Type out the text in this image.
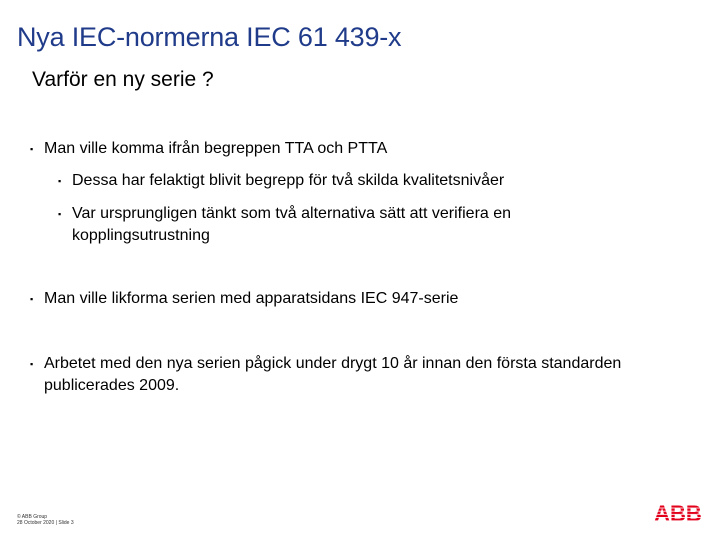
Nya IEC-normerna IEC 61 439-x
Varför en ny serie ?
▪ Man ville komma ifrån begreppen TTA och PTTA
▪ Dessa har felaktigt blivit begrepp för två skilda kvalitetsnivåer
▪ Var ursprungligen tänkt som två alternativa sätt att verifiera en kopplingsutrustning
▪ Man ville likforma serien med apparatsidans IEC 947-serie
▪ Arbetet med den nya serien pågick under drygt 10 år innan den första standarden publicerades 2009.
© ABB Group
28 October 2020 | Slide 3
